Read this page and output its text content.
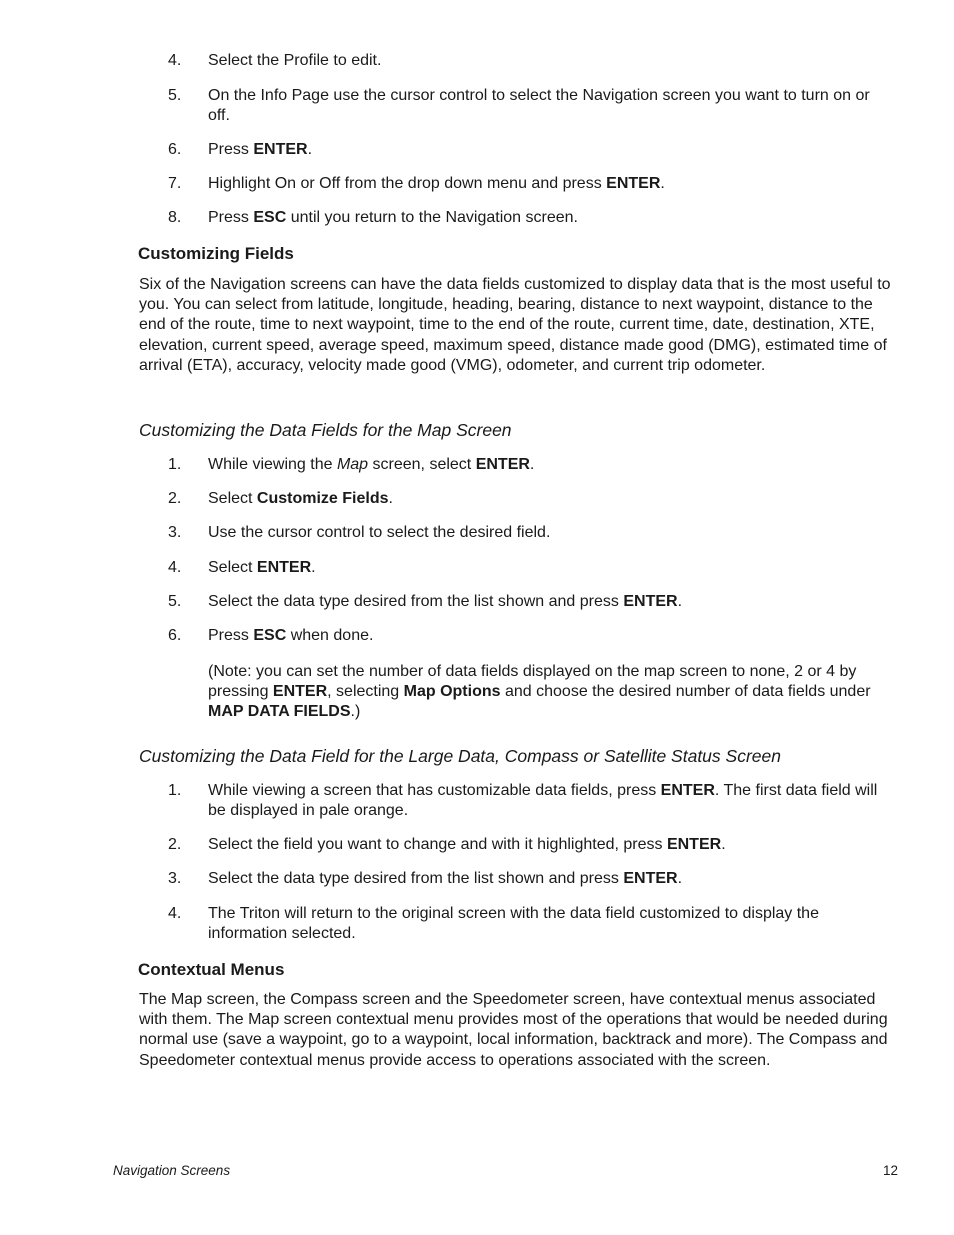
4.	Select the Profile to edit.
5.	On the Info Page use the cursor control to select the Navigation screen you want to turn on or off.
6.	Press ENTER.
7.	Highlight On or Off from the drop down menu and press ENTER.
8.	Press ESC until you return to the Navigation screen.
Customizing Fields
Six of the Navigation screens can have the data fields customized to display data that is the most useful to you. You can select from latitude, longitude, heading, bearing, distance to next waypoint, distance to the end of the route, time to next waypoint, time to the end of the route, current time, date, destination, XTE, elevation, current speed, average speed, maximum speed, distance made good (DMG), estimated time of arrival (ETA), accuracy, velocity made good (VMG), odometer, and current trip odometer.
Customizing the Data Fields for the Map Screen
1.	While viewing the Map screen, select ENTER.
2.	Select Customize Fields.
3.	Use the cursor control to select the desired field.
4.	Select ENTER.
5.	Select the data type desired from the list shown and press ENTER.
6.	Press ESC when done.
(Note: you can set the number of data fields displayed on the map screen to none, 2 or 4 by pressing ENTER, selecting Map Options and choose the desired number of data fields under MAP DATA FIELDS.)
Customizing the Data Field for the Large Data, Compass or Satellite Status Screen
1.	While viewing a screen that has customizable data fields, press ENTER. The first data field will be displayed in pale orange.
2.	Select the field you want to change and with it highlighted, press ENTER.
3.	Select the data type desired from the list shown and press ENTER.
4.	The Triton will return to the original screen with the data field customized to display the information selected.
Contextual Menus
The Map screen, the Compass screen and the Speedometer screen, have contextual menus associated with them. The Map screen contextual menu provides most of the operations that would be needed during normal use (save a waypoint, go to a waypoint, local information, backtrack and more). The Compass and Speedometer contextual menus provide access to operations associated with the screen.
Navigation Screens	12
